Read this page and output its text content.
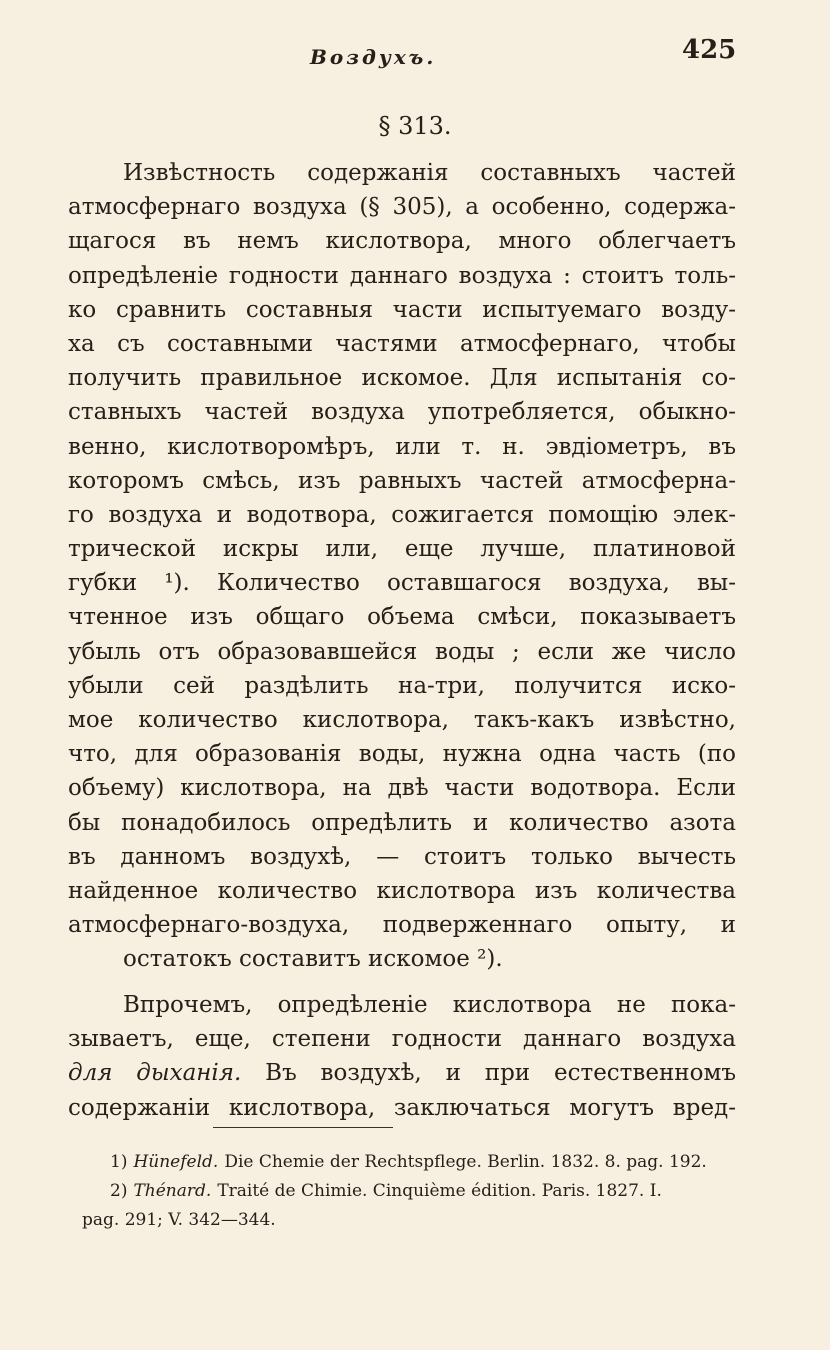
Воздухъ.	425
§ 313.
Извѣстность содержанія составныхъ частей
атмосфернаго воздуха (§ 305), а особенно, содержа-
щагося въ немъ кислотвора, много облегчаетъ
опредѣленіе годности даннаго воздуха : стоитъ толь-
ко сравнить составныя части испытуемаго возду-
ха съ составными частями атмосфернаго, чтобы
получить правильное искомое. Для испытанія со-
ставныхъ частей воздуха употребляется, обыкно-
венно, кислотворомѣръ, или т. н. эвдіометръ, въ
которомъ смѣсь, изъ равныхъ частей атмосферна-
го воздуха и водотвора, сожигается помощію элек-
трической искры или, еще лучше, платиновой
губки ¹). Количество оставшагося воздуха, вы-
чтенное изъ общаго объема смѣси, показываетъ
убыль отъ образовавшейся воды ; если же число
убыли сей раздѣлить на-три, получится иско-
мое количество кислотвора, такъ-какъ извѣстно,
что, для образованія воды, нужна одна часть (по
объему) кислотвора, на двѣ части водотвора. Если
бы понадобилось опредѣлить и количество азота
въ данномъ воздухѣ, — стоитъ только вычесть
найденное количество кислотвора изъ количества
атмосфернаго-воздуха, подверженнаго опыту, и
остатокъ составитъ искомое ²).
Впрочемъ, опредѣленіе кислотвора не пока-
зываетъ, еще, степени годности даннаго воздуха
для дыханія. Въ воздухѣ, и при естественномъ
содержаніи кислотвора, заключаться могутъ вред-
1) Hünefeld. Die Chemie der Rechtspflege. Berlin. 1832. 8. pag. 192.
2) Thénard. Traité de Chimie. Cinquième édition. Paris. 1827. I.
pag. 291; V. 342—344.
